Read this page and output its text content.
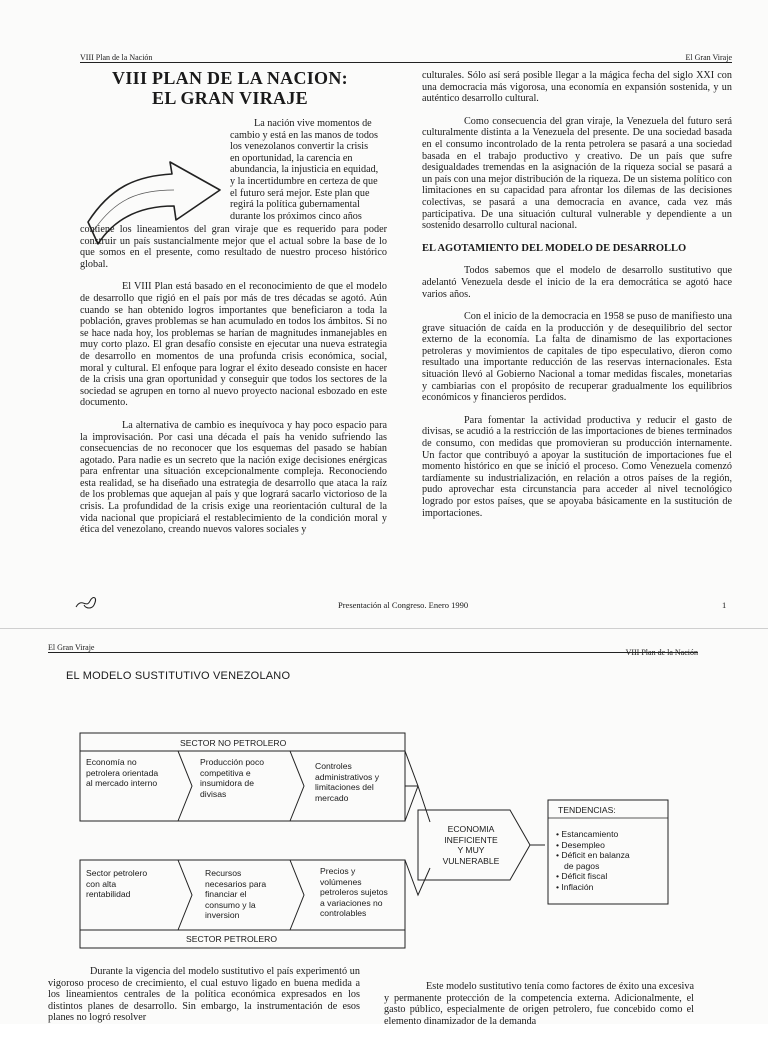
VIII Plan de la Nación	El Gran Viraje
VIII PLAN DE LA NACION:
EL GRAN VIRAJE
La nación vive momentos de
cambio y está en las manos de todos
los venezolanos convertir la crisis
en oportunidad, la carencia en
abundancia, la injusticia en equidad,
y la incertidumbre en certeza de que
el futuro será mejor. Este plan que
regirá la política gubernamental
durante los próximos cinco años

contiene los lineamientos del gran viraje que es requerido para poder construir un país sustancialmente mejor que el actual sobre la base de lo que somos en el presente, como resultado de nuestro proceso histórico global.

El VIII Plan está basado en el reconocimiento de que el modelo de desarrollo que rigió en el país por más de tres décadas se agotó. Aún cuando se han obtenido logros importantes que beneficiaron a toda la población, graves problemas se han acumulado en todos los ámbitos. Si no se hace nada hoy, los problemas se harían de magnitudes inmanejables en muy corto plazo. El gran desafío consiste en ejecutar una nueva estrategia de desarrollo en momentos de una profunda crisis económica, social, moral y cultural. El enfoque para lograr el éxito deseado consiste en hacer de la crisis una gran oportunidad y conseguir que todos los sectores de la sociedad se agrupen en torno al nuevo proyecto nacional esbozado en este documento.

La alternativa de cambio es inequívoca y hay poco espacio para la improvisación. Por casi una década el país ha venido sufriendo las consecuencias de no reconocer que los esquemas del pasado se habían agotado. Para nadie es un secreto que la nación exige decisiones enérgicas para enfrentar una situación excepcionalmente compleja. Reconociendo esta realidad, se ha diseñado una estrategia de desarrollo que ataca la raíz de los problemas que aquejan al país y que logrará sacarlo victorioso de la crisis. La profundidad de la crisis exige una reorientación cultural de la vida nacional que propiciará el restablecimiento de la condición moral y ética del venezolano, creando nuevos valores sociales y

culturales. Sólo así será posible llegar a la mágica fecha del siglo XXI con una democracia más vigorosa, una economía en expansión sostenida, y un auténtico desarrollo cultural.

Como consecuencia del gran viraje, la Venezuela del futuro será culturalmente distinta a la Venezuela del presente. De una sociedad basada en el consumo incontrolado de la renta petrolera se pasará a una sociedad basada en el trabajo productivo y creativo. De un país que sufre desigualdades tremendas en la asignación de la riqueza social se pasará a un país con una mejor distribución de la riqueza. De un sistema político con limitaciones en su capacidad para afrontar los dilemas de las decisiones colectivas, se pasará a una democracia en avance, cada vez más participativa. De una situación cultural vulnerable y dependiente a un sostenido desarrollo cultural nacional.

EL AGOTAMIENTO DEL MODELO DE DESARROLLO

Todos sabemos que el modelo de desarrollo sustitutivo que adelantó Venezuela desde el inicio de la era democrática se agotó hace varios años.

Con el inicio de la democracia en 1958 se puso de manifiesto una grave situación de caída en la producción y de desequilibrio del sector externo de la economía. La falta de dinamismo de las exportaciones petroleras y movimientos de capitales de tipo especulativo, dieron como resultado una importante reducción de las reservas internacionales. Esta situación llevó al Gobierno Nacional a tomar medidas fiscales, monetarias y cambiarias con el propósito de recuperar gradualmente los equilibrios económicos y financieros perdidos.

Para fomentar la actividad productiva y reducir el gasto de divisas, se acudió a la restricción de las importaciones de bienes terminados de consumo, con medidas que promovieran su producción internamente. Un factor que contribuyó a apoyar la sustitución de importaciones fue el momento histórico en que se inició el proceso. Como Venezuela comenzó tardíamente su industrialización, en relación a otros países de la región, pudo aprovechar esta circunstancia para acceder al nivel tecnológico logrado por estos países, que se apoyaba básicamente en la sustitución de importaciones.

Presentación al Congreso. Enero 1990	1
El Gran Viraje
EL MODELO SUSTITUTIVO VENEZOLANO
SECTOR NO PETROLERO
Economía no
petrolera orientada
al mercado interno
Producción poco
competitiva e
insumidora de
divisas
Controles
administrativos y
limitaciones del
mercado
Sector petrolero
con alta
rentabilidad
Recursos
necesarios para
financiar el
consumo y la
inversion
Precios y
volúmenes
petroleros sujetos
a variaciones no
controlables
SECTOR PETROLERO
ECONOMIA
INEFICIENTE
Y MUY
VULNERABLE
TENDENCIAS:
• Estancamiento
• Desempleo
• Déficit en balanza
de pagos
• Déficit fiscal
• Inflación

Durante la vigencia del modelo sustitutivo el país experimentó un vigoroso proceso de crecimiento, el cual estuvo ligado en buena medida a los lineamientos centrales de la política económica expresados en los distintos planes de desarrollo. Sin embargo, la instrumentación de esos planes no logró resolver

Este modelo sustitutivo tenía como factores de éxito una excesiva y permanente protección de la competencia externa. Adicionalmente, el gasto público, especialmente de origen petrolero, fue concebido como el elemento dinamizador de la demanda
